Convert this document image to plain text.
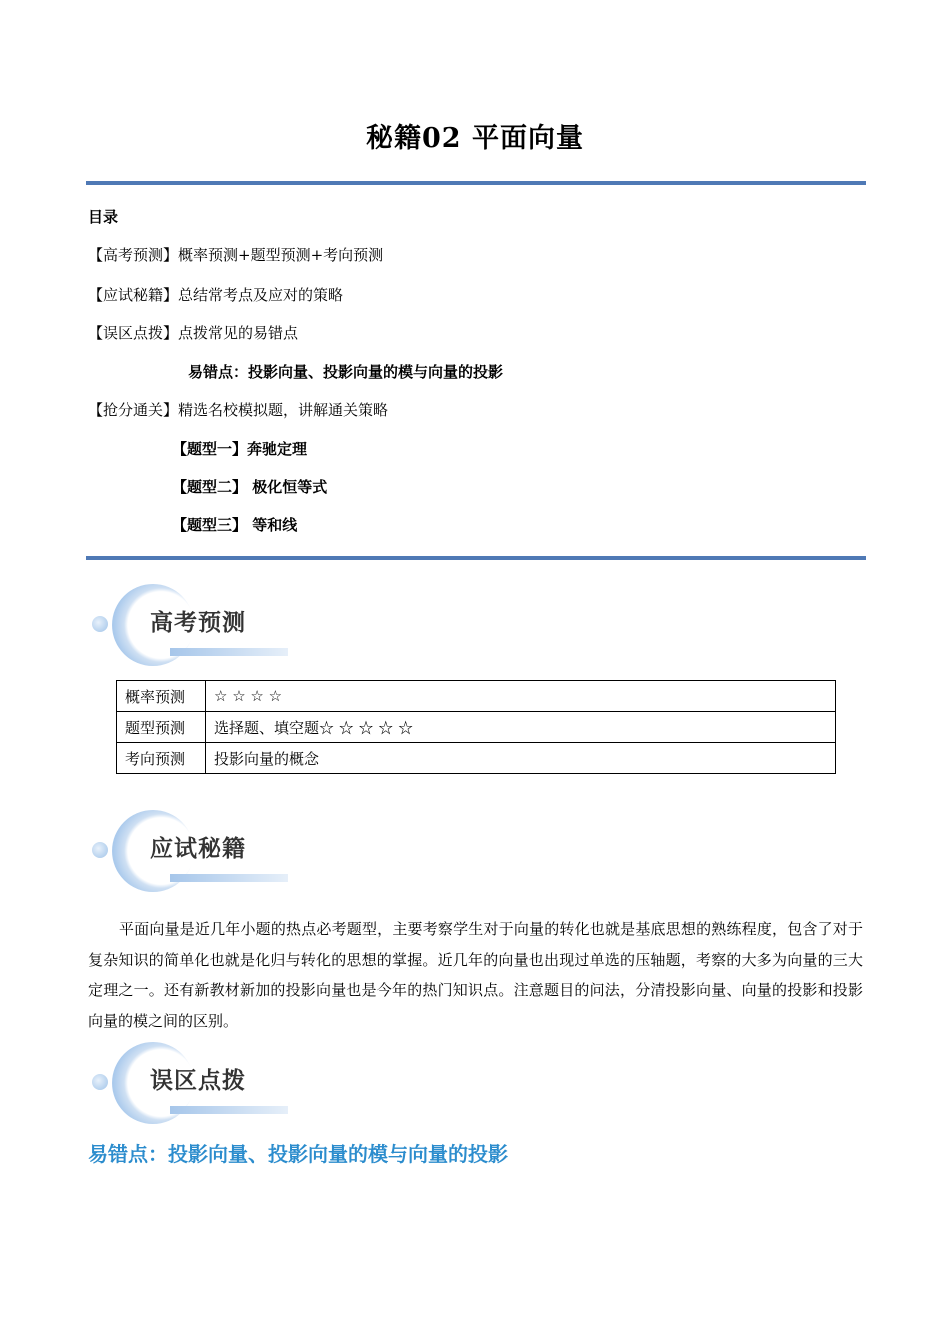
秘籍02 平面向量
目录
【高考预测】概率预测+题型预测+考向预测
【应试秘籍】总结常考点及应对的策略
【误区点拨】点拨常见的易错点
易错点：投影向量、投影向量的模与向量的投影
【抢分通关】精选名校模拟题，讲解通关策略
【题型一】奔驰定理
【题型二】 极化恒等式
【题型三】 等和线
高考预测
概率预测	☆ ☆ ☆ ☆
题型预测	选择题、填空题☆ ☆ ☆ ☆ ☆
考向预测	投影向量的概念
应试秘籍
平面向量是近几年小题的热点必考题型，主要考察学生对于向量的转化也就是基底思想的熟练程度，包含了对于复杂知识的简单化也就是化归与转化的思想的掌握。近几年的向量也出现过单选的压轴题，考察的大多为向量的三大定理之一。还有新教材新加的投影向量也是今年的热门知识点。注意题目的问法，分清投影向量、向量的投影和投影向量的模之间的区别。
误区点拨
易错点：投影向量、投影向量的模与向量的投影
